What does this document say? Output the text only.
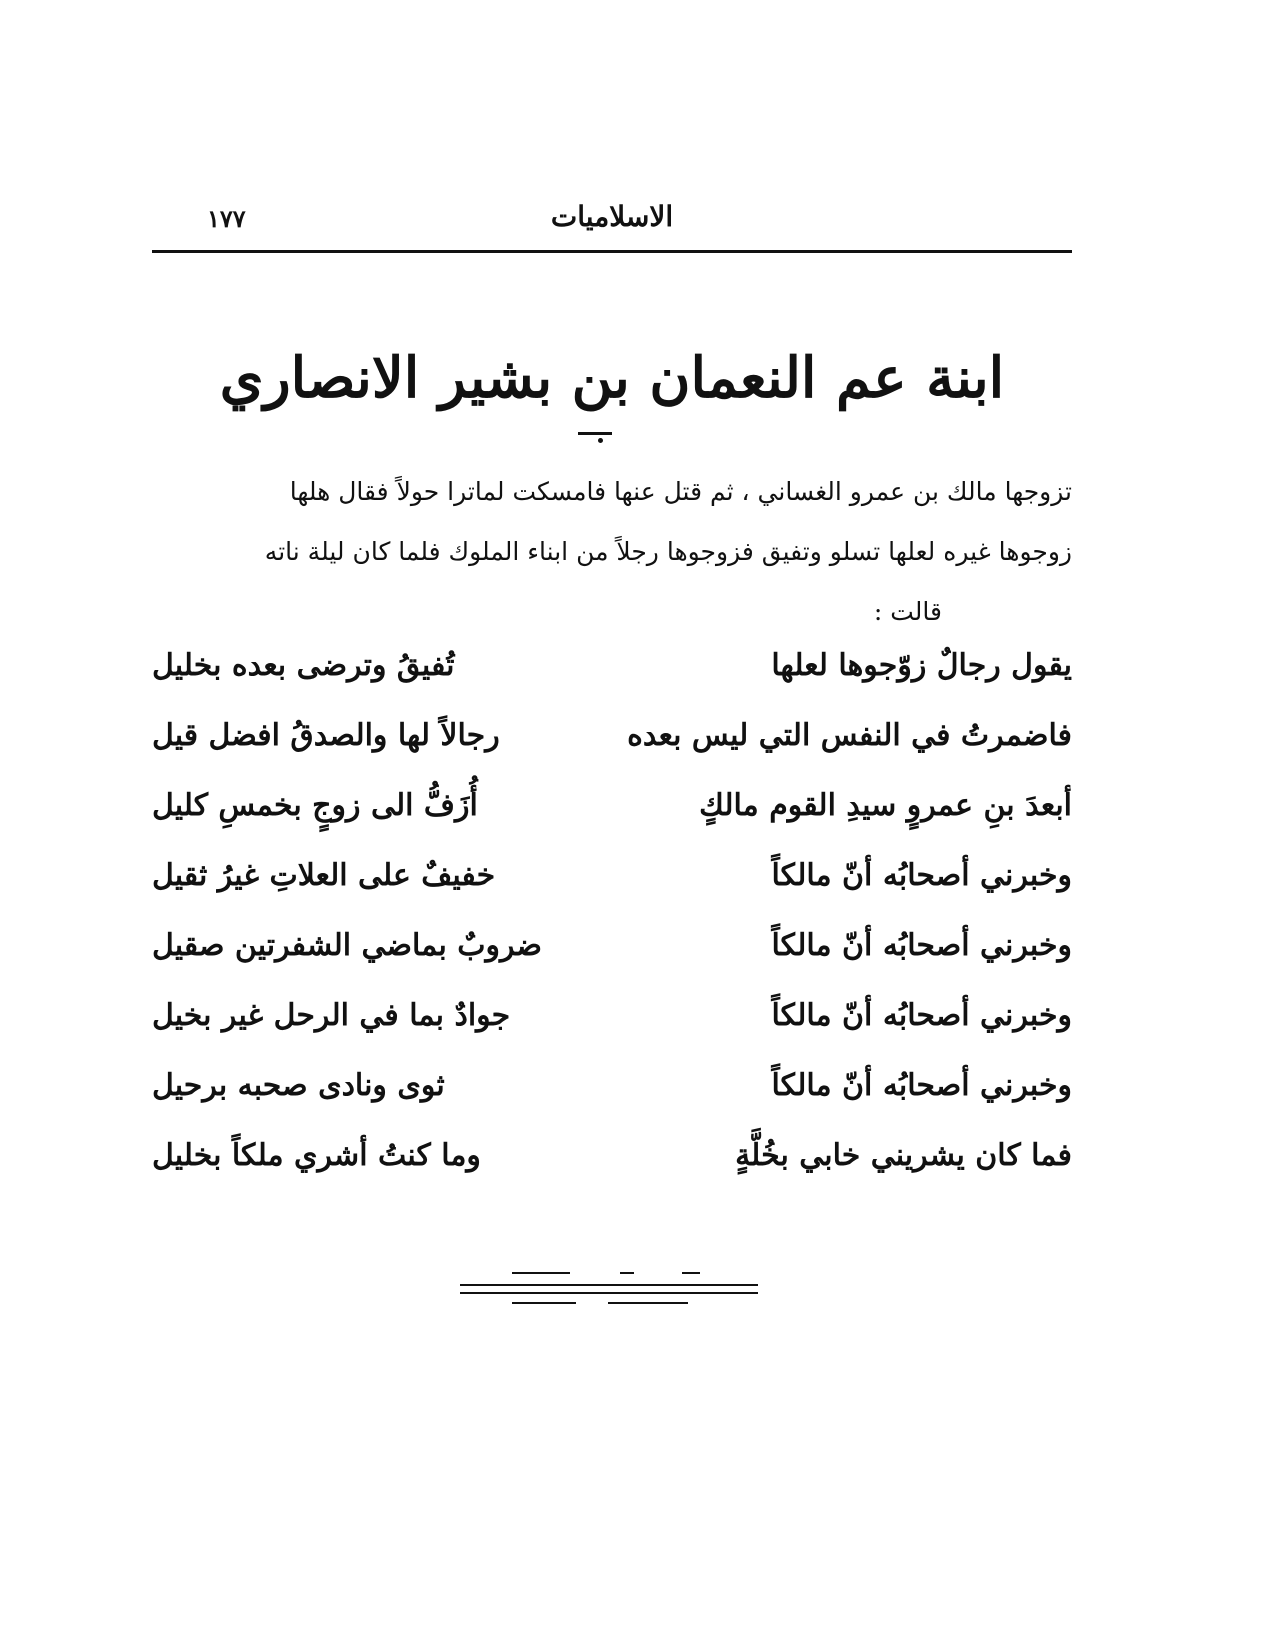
الاسلاميات
١٧٧
ابنة عم النعمان بن بشير الانصاري
تزوجها مالك بن عمرو الغساني ، ثم قتل عنها فامسكت لماترا حولاً فقال هلها
زوجوها غيره لعلها تسلو وتفيق فزوجوها رجلاً من ابناء الملوك فلما كان ليلة ناته
قالت :
يقول رجالٌ زوّجوها لعلها
تُفيقُ وترضى بعده بخليل
فاضمرتُ في النفس التي ليس بعده
رجالاً لها والصدقُ افضل قيل
أبعدَ بنِ عمروٍ سيدِ القوم مالكٍ
أُزَفُّ الى زوجٍ بخمسِ كليل
وخبرني أصحابُه أنّ مالكاً
خفيفٌ على العلاتِ غيرُ ثقيل
وخبرني أصحابُه أنّ مالكاً
ضروبٌ بماضي الشفرتين صقيل
وخبرني أصحابُه أنّ مالكاً
جوادٌ بما في الرحل غير بخيل
وخبرني أصحابُه أنّ مالكاً
ثوى ونادى صحبه برحيل
فما كان يشريني خابي بخُلَّةٍ
وما كنتُ أشري ملكاً بخليل
